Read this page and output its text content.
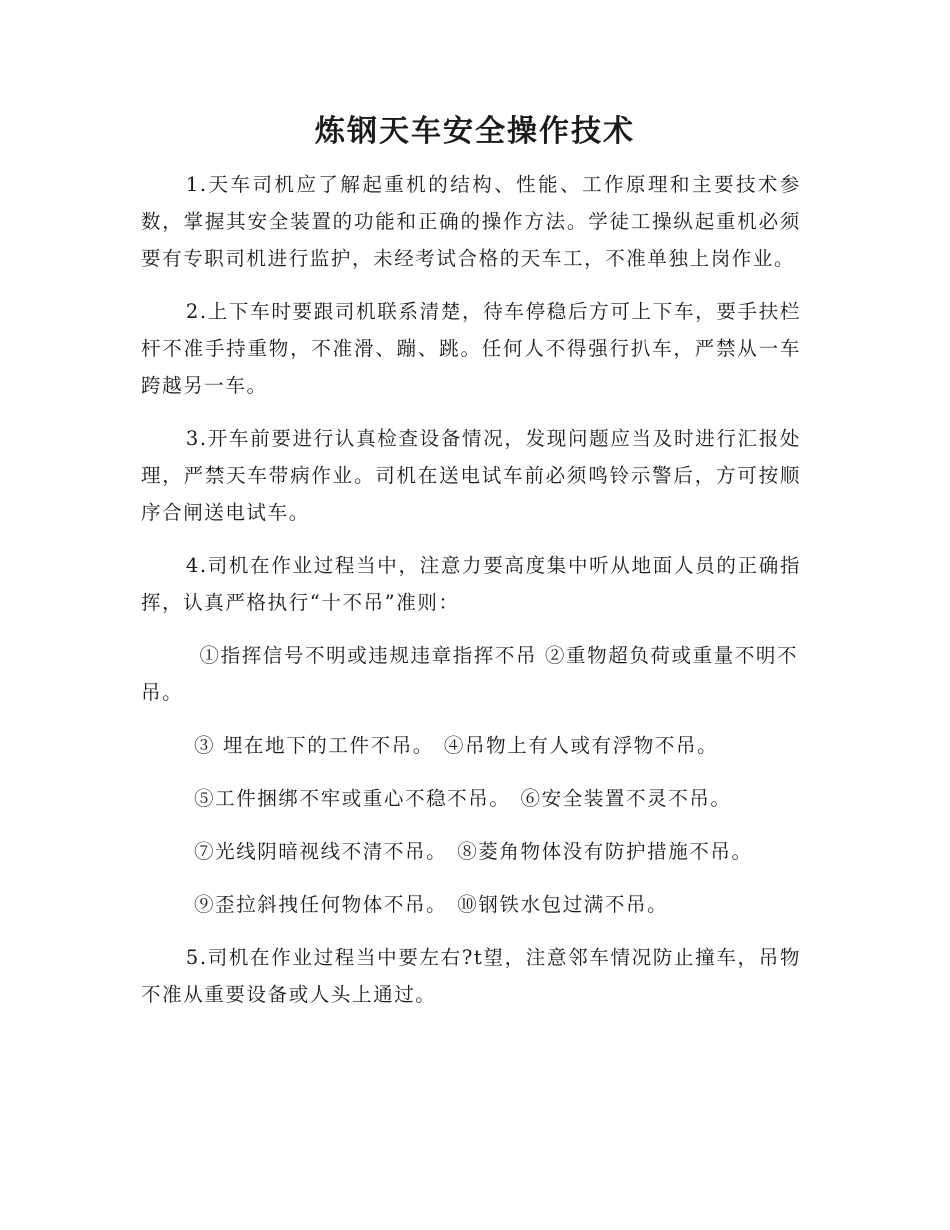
炼钢天车安全操作技术

1.天车司机应了解起重机的结构、性能、工作原理和主要技术参数，掌握其安全装置的功能和正确的操作方法。学徒工操纵起重机必须要有专职司机进行监护，未经考试合格的天车工，不准单独上岗作业。

2.上下车时要跟司机联系清楚，待车停稳后方可上下车，要手扶栏杆不准手持重物，不准滑、蹦、跳。任何人不得强行扒车，严禁从一车跨越另一车。

3.开车前要进行认真检查设备情况，发现问题应当及时进行汇报处理，严禁天车带病作业。司机在送电试车前必须鸣铃示警后，方可按顺序合闸送电试车。

4.司机在作业过程当中，注意力要高度集中听从地面人员的正确指挥，认真严格执行“十不吊”准则：

①指挥信号不明或违规违章指挥不吊 ②重物超负荷或重量不明不吊。

③ 埋在地下的工件不吊。 ④吊物上有人或有浮物不吊。

⑤工件捆绑不牢或重心不稳不吊。 ⑥安全装置不灵不吊。

⑦光线阴暗视线不清不吊。 ⑧菱角物体没有防护措施不吊。

⑨歪拉斜拽任何物体不吊。 ⑩钢铁水包过满不吊。

5.司机在作业过程当中要左右?t望，注意邻车情况防止撞车，吊物不准从重要设备或人头上通过。
